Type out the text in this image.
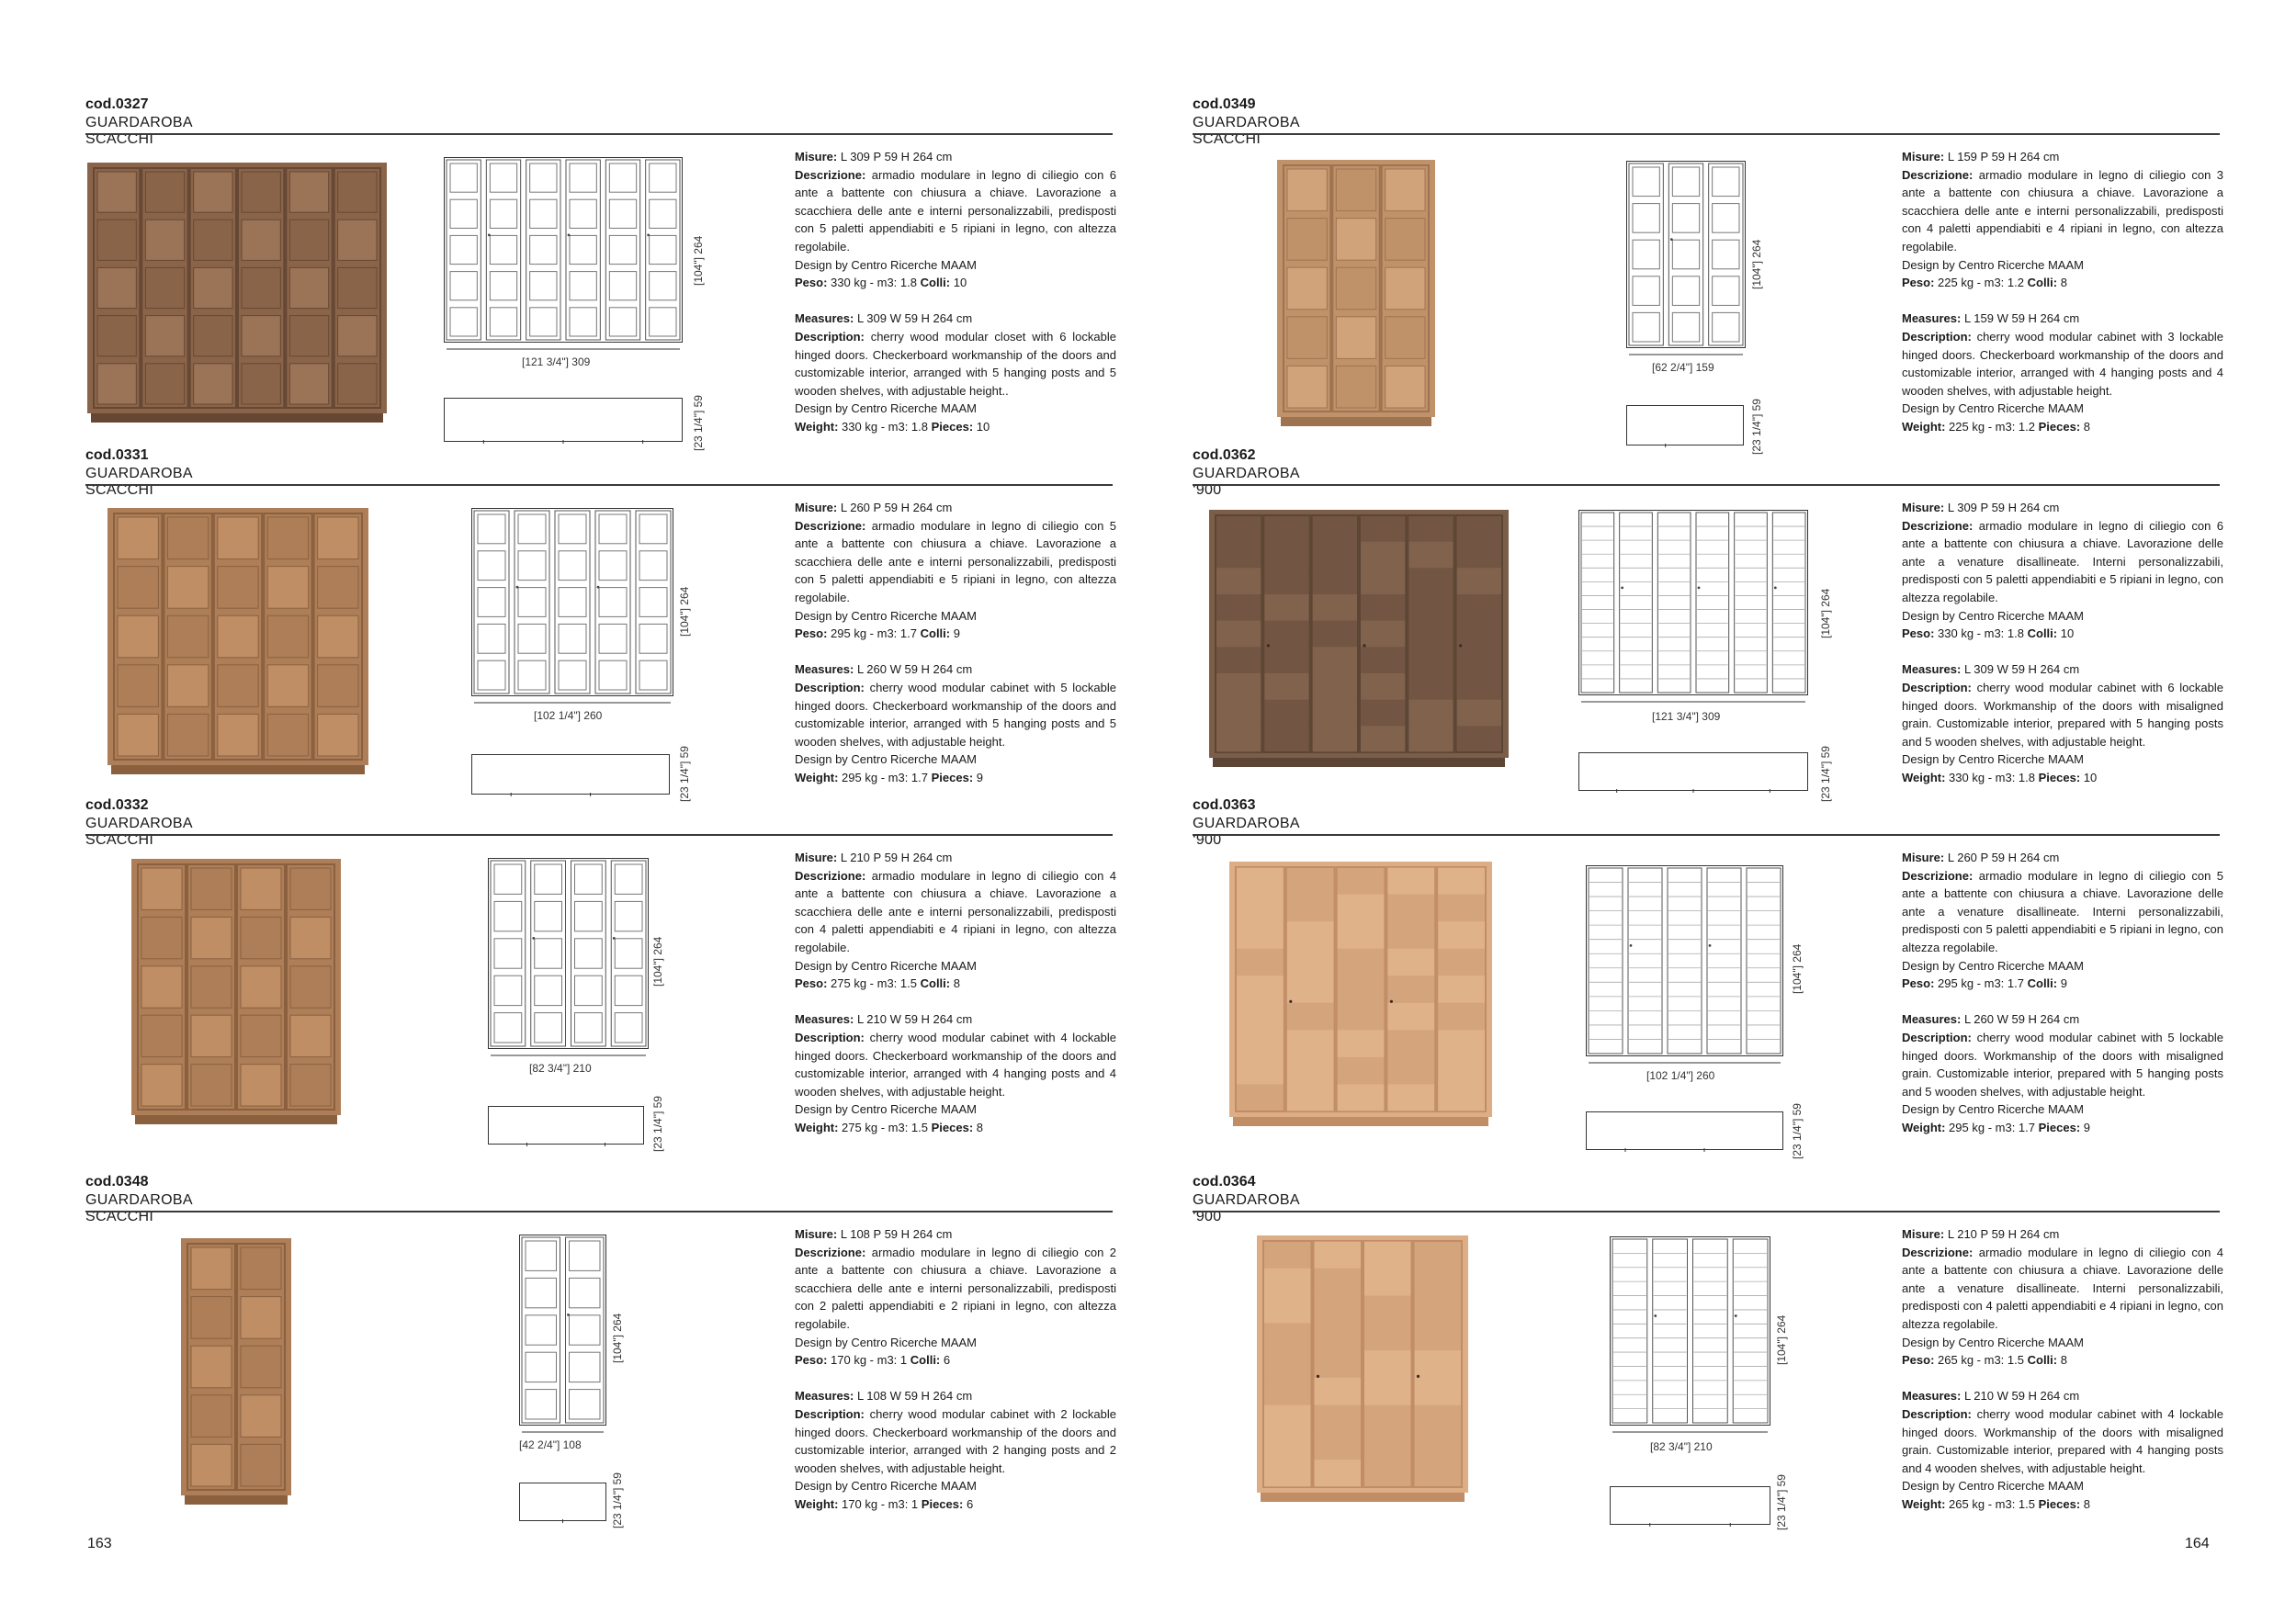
cod.0327
GUARDAROBA SCACCHI
[121 3/4"] 309
[104"] 264
[23 1/4"] 59

Misure: L 309 P 59 H 264 cm

Descrizione: armadio modulare in legno di ciliegio con 6 ante a battente con chiusura a chiave. Lavorazione a scacchiera delle ante e interni personalizzabili, predisposti con 5 paletti appendiabiti e 5 ripiani in legno, con altezza regolabile.

Design by Centro Ricerche MAAM

Peso: 330 kg - m3: 1.8 Colli: 10

Measures: L 309 W 59 H 264 cm

Description: cherry wood modular closet with 6 lockable hinged doors. Checkerboard workmanship of the doors and customizable interior, arranged with 5 hanging posts and 5 wooden shelves, with adjustable height..

Design by Centro Ricerche MAAM

Weight: 330 kg - m3: 1.8 Pieces: 10

cod.0331
GUARDAROBA SCACCHI
[102 1/4"] 260
[104"] 264
[23 1/4"] 59

Misure: L 260 P 59 H 264 cm

Descrizione: armadio modulare in legno di ciliegio con 5 ante a battente con chiusura a chiave. Lavorazione a scacchiera delle ante e interni personalizzabili, predisposti con 5 paletti appendiabiti e 5 ripiani in legno, con altezza regolabile.

Design by Centro Ricerche MAAM

Peso: 295 kg - m3: 1.7 Colli: 9

Measures: L 260 W 59 H 264 cm

Description: cherry wood modular cabinet with 5 lockable hinged doors. Checkerboard workmanship of the doors and customizable interior, arranged with 5 hanging posts and 5 wooden shelves, with adjustable height.

Design by Centro Ricerche MAAM

Weight: 295 kg - m3: 1.7 Pieces: 9

cod.0332
GUARDAROBA SCACCHI
[82 3/4"] 210
[104"] 264
[23 1/4"] 59

Misure: L 210 P 59 H 264 cm

Descrizione: armadio modulare in legno di ciliegio con 4 ante a battente con chiusura a chiave. Lavorazione a scacchiera delle ante e interni personalizzabili, predisposti con 4 paletti appendiabiti e 4 ripiani in legno, con altezza regolabile.

Design by Centro Ricerche MAAM

Peso: 275 kg - m3: 1.5 Colli: 8

Measures: L 210 W 59 H 264 cm

Description: cherry wood modular cabinet with 4 lockable hinged doors. Checkerboard workmanship of the doors and customizable interior, arranged with 4 hanging posts and 4 wooden shelves, with adjustable height.

Design by Centro Ricerche MAAM

Weight: 275 kg - m3: 1.5 Pieces: 8

cod.0348
GUARDAROBA SCACCHI
[42 2/4"] 108
[104"] 264
[23 1/4"] 59

Misure: L 108 P 59 H 264 cm

Descrizione: armadio modulare in legno di ciliegio con 2 ante a battente con chiusura a chiave. Lavorazione a scacchiera delle ante e interni personalizzabili, predisposti con 2 paletti appendiabiti e 2 ripiani in legno, con altezza regolabile.

Design by Centro Ricerche MAAM

Peso: 170 kg - m3: 1 Colli: 6

Measures: L 108 W 59 H 264 cm

Description: cherry wood modular cabinet with 2 lockable hinged doors. Checkerboard workmanship of the doors and customizable interior, arranged with 2 hanging posts and 2 wooden shelves, with adjustable height.

Design by Centro Ricerche MAAM

Weight: 170 kg - m3: 1 Pieces: 6

163
cod.0349
GUARDAROBA SCACCHI
[62 2/4"] 159
[104"] 264
[23 1/4"] 59

Misure: L 159 P 59 H 264 cm

Descrizione: armadio modulare in legno di ciliegio con 3 ante a battente con chiusura a chiave. Lavorazione a scacchiera delle ante e interni personalizzabili, predisposti con 4 paletti appendiabiti e 4 ripiani in legno, con altezza regolabile.

Design by Centro Ricerche MAAM

Peso: 225 kg - m3: 1.2 Colli: 8

Measures: L 159 W 59 H 264 cm

Description: cherry wood modular cabinet with 3 lockable hinged doors. Checkerboard workmanship of the doors and customizable interior, arranged with 4 hanging posts and 4 wooden shelves, with adjustable height.

Design by Centro Ricerche MAAM

Weight: 225 kg - m3: 1.2 Pieces: 8

cod.0362
GUARDAROBA ‘900
[121 3/4"] 309
[104"] 264
[23 1/4"] 59

Misure: L 309 P 59 H 264 cm

Descrizione: armadio modulare in legno di ciliegio con 6 ante a battente con chiusura a chiave. Lavorazione delle ante a venature disallineate. Interni personalizzabili, predisposti con 5 paletti appendiabiti e 5 ripiani in legno, con altezza regolabile.

Design by Centro Ricerche MAAM

Peso: 330 kg - m3: 1.8 Colli: 10

Measures: L 309 W 59 H 264 cm

Description: cherry wood modular cabinet with 6 lockable hinged doors. Workmanship of the doors with misaligned grain. Customizable interior, prepared with 5 hanging posts and 5 wooden shelves, with adjustable height.

Design by Centro Ricerche MAAM

Weight: 330 kg - m3: 1.8 Pieces: 10

cod.0363
GUARDAROBA ‘900
[102 1/4"] 260
[104"] 264
[23 1/4"] 59

Misure: L 260 P 59 H 264 cm

Descrizione: armadio modulare in legno di ciliegio con 5 ante a battente con chiusura a chiave. Lavorazione delle ante a venature disallineate. Interni personalizzabili, predisposti con 5 paletti appendiabiti e 5 ripiani in legno, con altezza regolabile.

Design by Centro Ricerche MAAM

Peso: 295 kg - m3: 1.7 Colli: 9

Measures: L 260 W 59 H 264 cm

Description: cherry wood modular cabinet with 5 lockable hinged doors. Workmanship of the doors with misaligned grain. Customizable interior, prepared with 5 hanging posts and 5 wooden shelves, with adjustable height.

Design by Centro Ricerche MAAM

Weight: 295 kg - m3: 1.7 Pieces: 9

cod.0364
GUARDAROBA ‘900
[82 3/4"] 210
[104"] 264
[23 1/4"] 59

Misure: L 210 P 59 H 264 cm

Descrizione: armadio modulare in legno di ciliegio con 4 ante a battente con chiusura a chiave. Lavorazione delle ante a venature disallineate. Interni personalizzabili, predisposti con 4 paletti appendiabiti e 4 ripiani in legno, con altezza regolabile.

Design by Centro Ricerche MAAM

Peso: 265 kg - m3: 1.5 Colli: 8

Measures: L 210 W 59 H 264 cm

Description: cherry wood modular cabinet with 4 lockable hinged doors. Workmanship of the doors with misaligned grain. Customizable interior, prepared with 4 hanging posts and 4 wooden shelves, with adjustable height.

Design by Centro Ricerche MAAM

Weight: 265 kg - m3: 1.5 Pieces: 8

164
